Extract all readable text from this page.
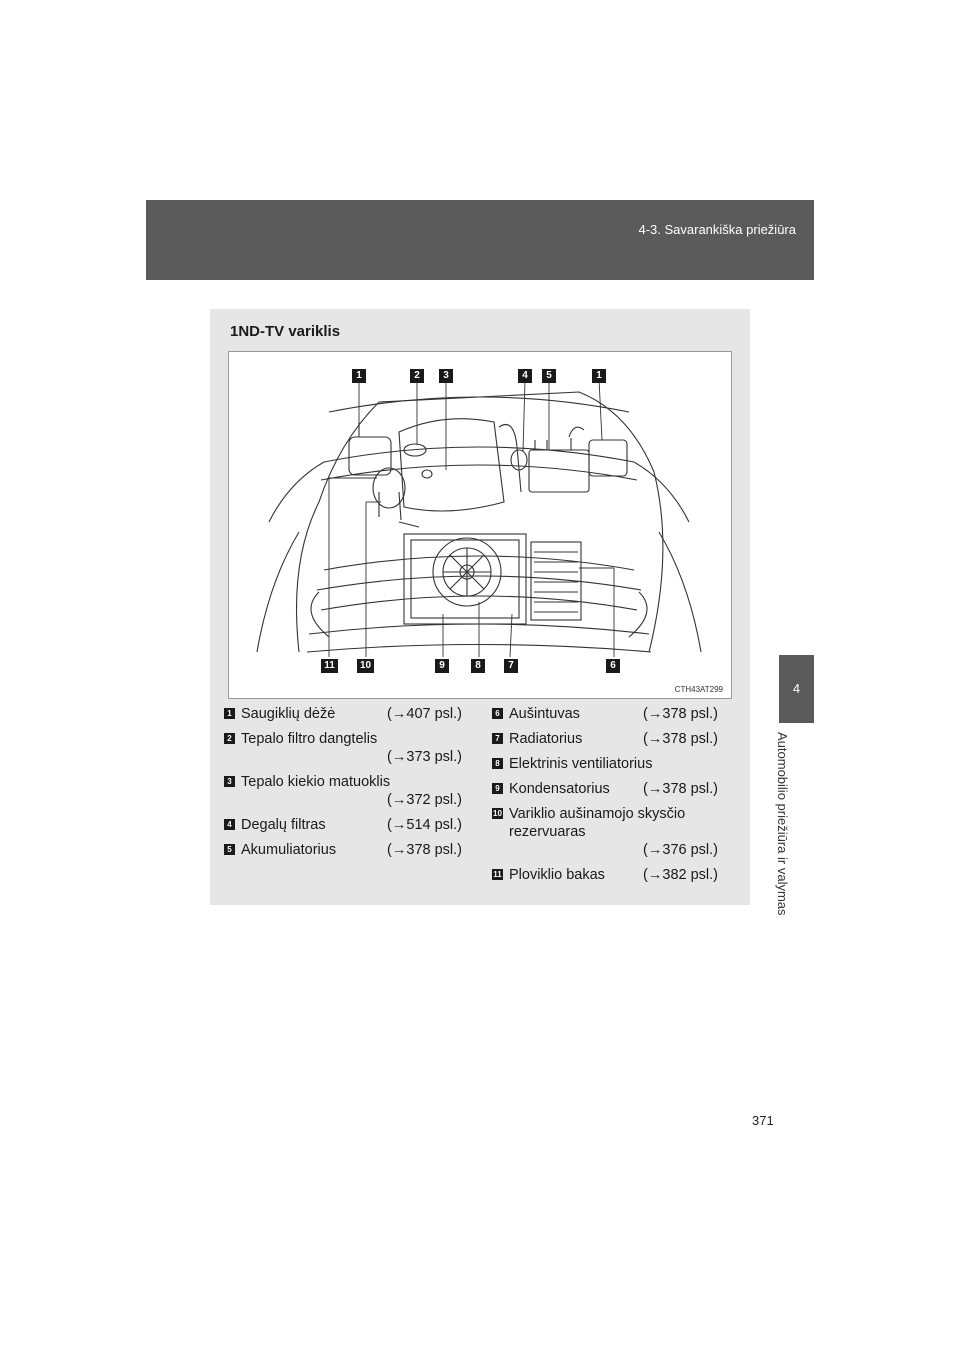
4-3. Savarankiška priežiūra
4
Automobilio priežiūra ir valymas
1ND-TV variklis
1	2	3	4	5	1
11	10	9	8	7	6
CTH43AT299
1 Saugiklių dėžė	(→407 psl.)
2 Tepalo filtro dangtelis
(→373 psl.)
3 Tepalo kiekio matuoklis
(→372 psl.)
4 Degalų filtras	(→514 psl.)
5 Akumuliatorius	(→378 psl.)
6 Aušintuvas	(→378 psl.)
7 Radiatorius	(→378 psl.)
8 Elektrinis ventiliatorius
9 Kondensatorius (→378 psl.)
10 Variklio aušinamojo skysčio rezervuaras
(→376 psl.)
11 Ploviklio bakas	(→382 psl.)
371
